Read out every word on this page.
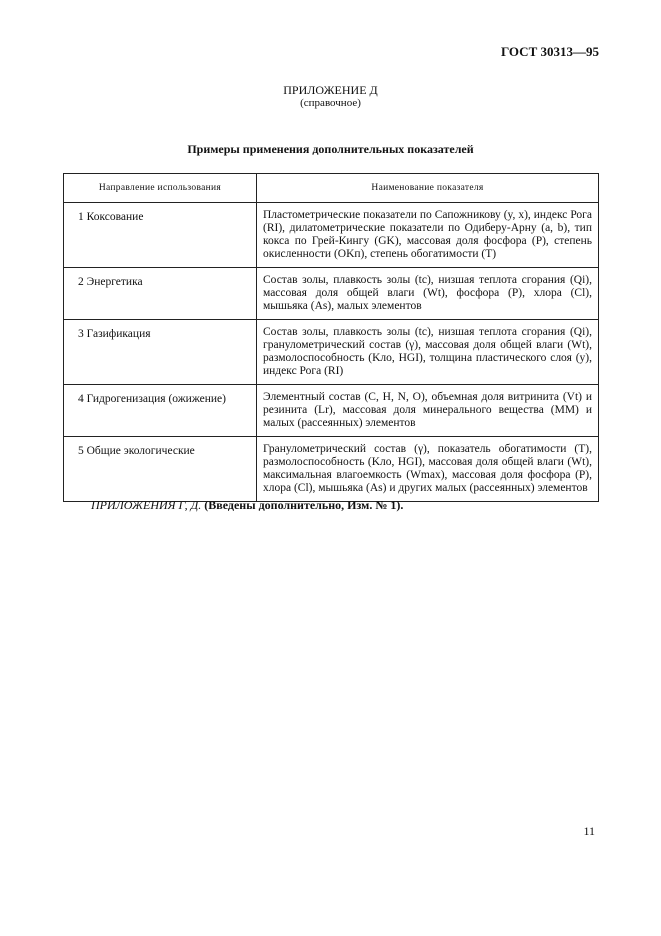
ГОСТ 30313—95
ПРИЛОЖЕНИЕ Д
(справочное)
Примеры применения дополнительных показателей
Направление использования	Наименование показателя
1 Коксование	Пластометрические показатели по Сапожникову (y, x), индекс Рога (RI), дилатометрические показатели по Одиберу-Арну (a, b), тип кокса по Грей-Кингу (GK), массовая доля фосфора (P), степень окисленности (OKп), степень обогатимости (T)
2 Энергетика	Состав золы, плавкость золы (tc), низшая теплота сгорания (Qi), массовая доля общей влаги (Wt), фосфора (P), хлора (Cl), мышьяка (As), малых элементов
3 Газификация	Состав золы, плавкость золы (tc), низшая теплота сгорания (Qi), гранулометрический состав (γ), массовая доля общей влаги (Wt), размолоспособность (Kло, HGI), толщина пластического слоя (y), индекс Рога (RI)
4 Гидрогенизация (ожижение)	Элементный состав (C, H, N, O), объемная доля витринита (Vt) и резинита (Lr), массовая доля минерального вещества (MM) и малых (рассеянных) элементов
5 Общие экологические	Гранулометрический состав (γ), показатель обогатимости (T), размолоспособность (Kло, HGI), массовая доля общей влаги (Wt), максимальная влагоемкость (Wmax), массовая доля фосфора (P), хлора (Cl), мышьяка (As) и других малых (рассеянных) элементов
ПРИЛОЖЕНИЯ Г, Д. (Введены дополнительно, Изм. № 1).
11
